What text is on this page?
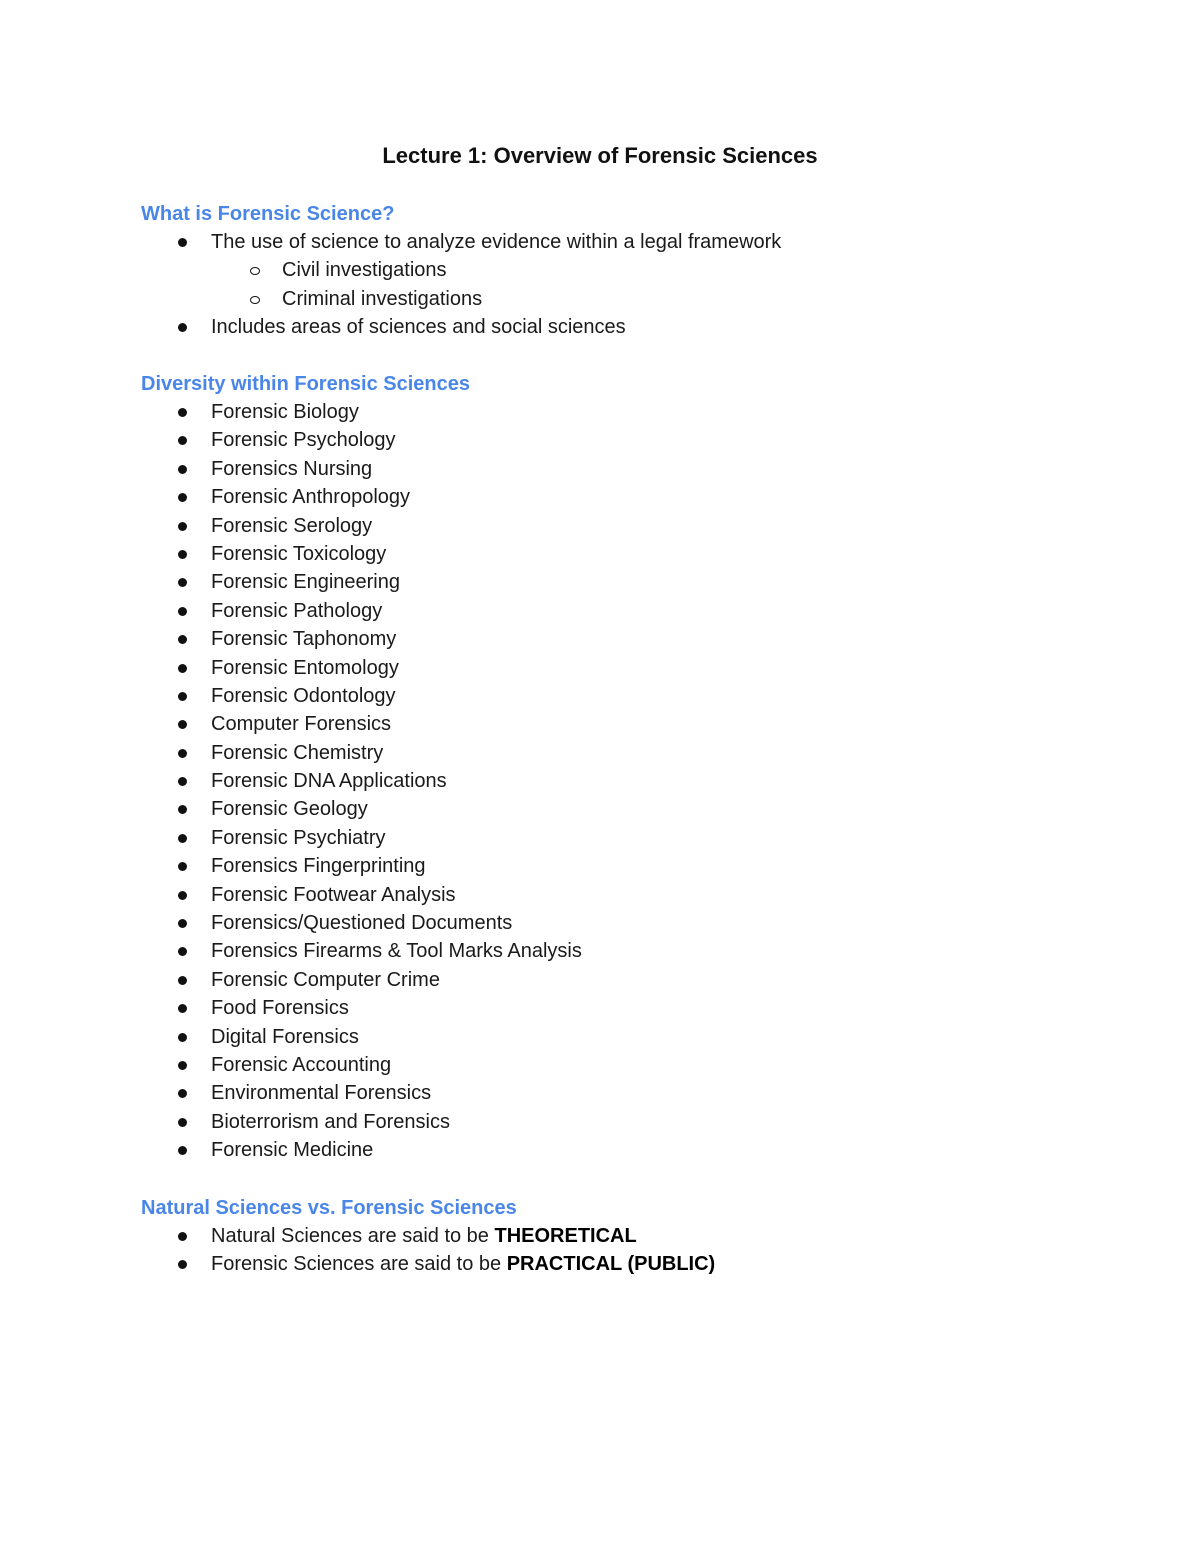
Lecture 1: Overview of Forensic Sciences
What is Forensic Science?
The use of science to analyze evidence within a legal framework
Civil investigations
Criminal investigations
Includes areas of sciences and social sciences
Diversity within Forensic Sciences
Forensic Biology
Forensic Psychology
Forensics Nursing
Forensic Anthropology
Forensic Serology
Forensic Toxicology
Forensic Engineering
Forensic Pathology
Forensic Taphonomy
Forensic Entomology
Forensic Odontology
Computer Forensics
Forensic Chemistry
Forensic DNA Applications
Forensic Geology
Forensic Psychiatry
Forensics Fingerprinting
Forensic Footwear Analysis
Forensics/Questioned Documents
Forensics Firearms & Tool Marks Analysis
Forensic Computer Crime
Food Forensics
Digital Forensics
Forensic Accounting
Environmental Forensics
Bioterrorism and Forensics
Forensic Medicine
Natural Sciences vs. Forensic Sciences
Natural Sciences are said to be THEORETICAL
Forensic Sciences are said to be PRACTICAL (PUBLIC)
